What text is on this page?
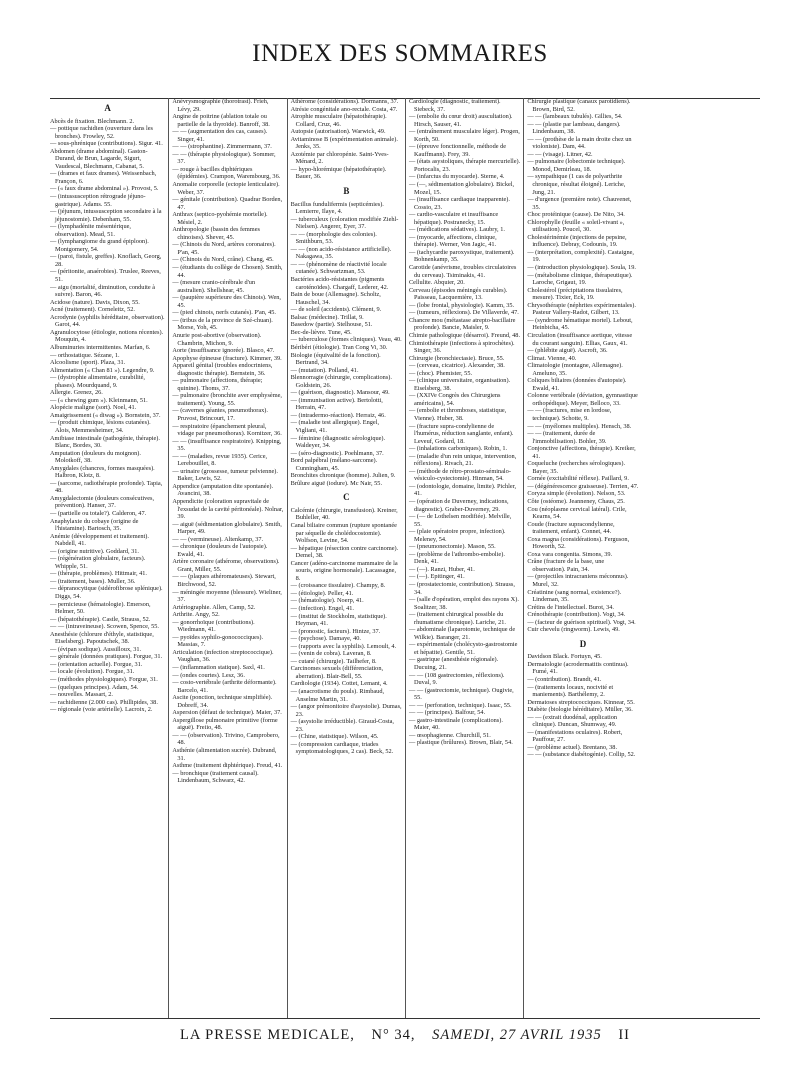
INDEX DES SOMMAIRES
A

Abcès de fixation. Blechmann. 2.

— pottique rachidien (ouverture dans les bronches). Frowley, 52.

— sous-phrénique (contributions). Sigur. 41.

Abdomen (drame abdominal). Gaston-Durand, de Brun, Lagarde, Sigurt, Vaudescal, Blechmann, Cabanat, 5.

— (drames et faux drames). Weissenbach, Françon, 6.

— (« faux drame abdominal »). Provost, 5.

— (intussusception rétrograde jéjuno-gastrique). Adams. 55.

— (jéjunum, intussusception secondaire à la jéjunostomie). Debenham, 55.

— (lymphadénite mésentérique, observation). Mead, 51.

— (lymphangiome du grand épiploon). Montgomery, 54.

— (paroi, fistule, greffes). Knoflach, Georg, 28.

— (péritonite, anaérobies). Truslee, Reeves, 51.

— aigu (mortalité, diminution, conduite à suivre). Baron, 46.

Acidose (nature). Davis, Dixon, 55.

Acné (traitement). Corneleitz, 52.

Acrodynie (syphilis héréditaire, observation). Garot, 44.

Agranulocytose (étiologie, notions récentes). Mouquin, 4.

Albuminuries intermittentes. Marfan, 6.

— orthostatique. Sézane, 1.

Alcoolisme (sport). Plaza, 31.

Alimentation (« Chan 81 »). Legendre, 9.

— (dystrophie alimentaire, curabilité, phases). Mourdquand, 9.

Allergie. Grenez, 26.

— (« chewing gum »). Kleinmann, 51.

Alopécie maligne (sort). Noel, 41.

Amaigrissement (« diwag »). Bornstein, 37.

— (produit chimique, lésions cutanées). Alois, Memmesheimer, 34.

Amibiase intestinale (pathogénie, thérapie). Blanc, Bordes, 30.

Amputation (douleurs du moignon). Molotkoff, 38.

Amygdales (chancres, formes masquées). Halbron, Klotz, 8.

— (sarcome, radiothérapie profonde). Tapia, 48.

Amygdalectomie (douleurs consécutives, prévention). Hanser, 37.

— (partielle ou totale?). Calderon, 47.

Anaphylaxie du cobaye (origine de l'histamine). Bartosch, 35.

Anémie (développement et traitement). Nabdell, 41.

— (origine nutritive). Goddard, 31.

— (régénération globulaire, facteurs). Whipple, 51.

— (thérapie, problèmes). Hittmair, 41.

— (traitement, bases). Muller, 36.

— dépranocytique (sidérofibrose splénique). Diggs, 54.

— pernicieuse (hématologie). Emerson, Helmer, 50.

— (hépatothérapie). Castle, Strauss, 52.

— — (intraveineuse). Scowen, Spence, 55.

Anesthésie (chlorure d'éthyle, statistique, Eiselsberg). Papoutschek, 38.

— (évipan sodique). Aussilloux, 31.

— générale (données pratiques). Forgue, 31.

— (orientation actuelle). Forgue, 31.

— locale (évolution). Forgue, 31.

— (méthodes physiologiques). Forgue, 31.

— (quelques principes). Adam, 54.

— nouvelles. Massart, 2.

— rachidienne (2.000 cas). Phillipides, 38.

— régionale (voie artérielle). Lacroix, 2.

Anévrysmographie (thorotrast). Frieh, Lévy, 29.

Angine de poitrine (ablation totale ou partielle de la thyroïde). Banroff, 38.

— — (augmentation des cas, causes). Singer, 41.

— — (strophantine). Zimmermann, 37.

— — (thérapie physiologique). Sommer, 37.

— rouge à bacilles diphtériques (épidémies). Crampon, Warembourg, 36.

Anomalie corporelle (ectopie lenticulaire). Weber, 37.

— génitale (contribution). Quadrar Borden, 47.

Anthrax (septico-pyohémie mortelle). Mésiel, 2.

Anthropologie (bassin des femmes chinoises). Shever, 45.

— (Chinois du Nord, artères coronaires). P'an, 45.

— (Chinois du Nord, crâne). Chang, 45.

— (étudiants du collège de Chosen). Smith, 44.

— (mesure cranio-cérébrale d'un australien). Shellshear, 45.

— (paupière supérieure des Chinois). Wen, 45.

— (pied chinois, nerfs cutanés). P'an, 45.

— (tribus de la province de Szé-chuan). Morse, Yoh, 45.

Anurie post-abortive (observation). Chambrin, Michon, 9.

Aorte (insuffisance ignorée). Blasco, 47.

Apophyse épineuse (fracture). Kimmer, 39.

Appareil génital (troubles endocriniens, diagnostic thérapie). Bernstein, 36.

— pulmonaire (affections, thérapie; quinine). Thoms, 37.

— pulmonaire (bronchite aver emphysème, traitement). Young, 55.

— (cavernes géantes, pneumothorax). Pruvost, Brincourt, 17.

— respiratoire (épanchement pleural, vidage par pneumothorax). Kornitzer, 36.

— — (insuffisance respiratoire). Knipping, 35.

— — (maladies, revue 1935). Cerice, Lerebouillet, 8.

— urinaire (grossesse, tumeur pelvienne). Baker, Lewis, 52.

Appendice (amputation dite spontanée). Avancini, 38.

Appendicite (coloration supravitale de l'exsudat de la cavité péritonéale). Nolnar, 39.

— aiguë (sédimentation globulaire). Smith, Harper, 49.

— — (vermineuse). Altenkamp, 37.

— chronique (douleurs de l'autopsie). Ewald, 41.

Artère coronaire (athérome, observations). Grant, Miller, 55.

— — (plaques athéromateuses). Stewart, Birchwood, 52.

— méningée moyenne (blessure). Wieliner, 37.

Artériographie. Allen, Camp, 52.

Arthrite. Angy, 52.

— gonorrhoïque (contributions). Wiedmann, 41.

— pyoïdes syphilo-gonococciques). Massias, 7.

Articulation (infection streptococcique). Vaughan, 36.

— (inflammation statique). Saxl, 41.

— (ondes courtes). Lesz, 36.

— costo-vertébrale (arthrite déformante). Barcelo, 41.

Ascite (ponction, technique simplifiée). Dobreff, 34.

Aspersion (défaut de technique). Maier, 37.

Aspergillose pulmonaire primitive (forme aiguë). Freiio, 48.

— — (observation). Trivino, Camprobero, 48.

Asthénie (alimentation sucrée). Dubrand, 31.

Asthme (traitement diphtérique). Freud, 41.

— bronchique (traitement causal). Lindenbaum, Schwarz, 42.

Athérome (considérations). Dormanns, 37.

Atrésie congénitale ano-rectale. Costa, 47.

Atrophie musculaire (hépatothérapie). Collard, Cruz, 46.

Autopsie (autorisation). Warwick, 49.

Avitaminose B (expérimentation animale). Jenks, 35.

Azotémie par chloropénie. Saint-Yves-Ménard, 2.

— hypo-hlorémique (hépatothérapie). Bauer, 36.

B

Bacillus fundulifermis (septicémies). Lemierre, Ilaye, 4.

— tuberculeux (coloration modifiée Ziehl-Nielsen). Angerer, Eyer, 37.

— — (morphologie des colonies). Smithburn, 53.

— — (non acido-résistance artificielle). Nakagawa, 35.

— — (phénomène de réactivité locale cutanée). Schwartzman, 53.

Bactéries acido-résistantes (pigments caroténoïdes). Chargaff, Lederer, 42.

Bain de boue (Allemagne). Scholtz, Hauschel, 34.

— de soleil (accidents). Clément, 9.

Balsac (médecine). Trillat, 9.

Basedow (partie). Stelhouse, 51.

Bec-de-lièvre. Tune, 45.

— tuberculose (formes cliniques). Veau, 40.

Béribéri (étiologie). Tran Cong Vi, 30.

Biologie (équivalité de la fonction). Bertrand, 34.

— (mutation). Polland, 41.

Blennorragie (chirurgie, complications). Goldstein, 26.

— (guérison, diagnostic). Mansour, 49.

— (immunisation active). Bertolotti, Herrain, 47.

— (intradermo-réaction). Herraiz, 46.

— (maladie test allergique). Engel, Vigliani, 41.

— féminine (diagnostic sérologique). Waldeyer, 34.

— (séro-diagnostic). Poehlmann, 37.

Bord palpébral (mélano-sarcome). Cunningham, 45.

Bronchites chronique (homme). Julien, 9.

Brûlure aiguë (iodure). Mc Nair, 55.

C

Calcémie (chirurgie, transfusion). Kreiner, Buhleller, 40.

Canal biliaire commun (rupture spontanée par séquelle de cholédocostomie). Wolfson, Levine, 54.

— hépatique (résection contre carcinome). Demel, 38.

Cancer (adéno-carcinome mammaire de la souris, origine hormonale). Lacassagne, 8.

— (croissance tissulaire). Champy, 8.

— (étiologie). Peller, 41.

— (hématologie). Noerp, 41.

— (infection). Engel, 41.

— (institut de Stockholm, statistique). Heyman, 41.

— (pronostic, facteurs). Hintze, 37.

— (psychose). Damaye, 40.

— (rapports avec la syphilis). Lemoult, 4.

— (venin de cobra). Laveran, 8.

— cutané (chirurgie). Tailhefer, 8.

Carcinomes sexuels (différenciation, aberration). Blair-Bell, 55.

Cardiologie (1934). Cottet, Lemant, 4.

— (anacrotisme du pouls). Rimbaud, Anselme Martin, 31.

— (angor prémonitoire d'asystolie). Dumas, 23.

— (asystolie irréductible). Giraud-Costa, 23.

— (Chine, statistique). Wilson, 45.

— (compression cardiaque, triades symptomatologiques, 2 cas). Beck, 52.

Cardiologie (diagnostic, traitement). Siebeck, 37.

— (embolie du cœur droit) auscultation). Hirsch, Sauser, 41.

— (entraînement musculaire léger). Progen, Korth, 50.

— (épreuve fonctionnelle, méthode de Kauffmann). Frey, 39.

— (états asystoliques, thérapie mercurielle). Portocalis, 23.

— (infarctus du myocarde). Sterne, 4.

— (—, sédimentation globulaire). Bickel, Mozel, 15.

— (insuffisance cardiaque inapparente). Cossio, 23.

— cardio-vasculaire et insuffisance hépatique). Postranecky, 15.

— (médications sédatives). Laubry, 1.

— (myocarde, affections, clinique, thérapie). Werner, Von Jagic, 41.

— (tachycardie paroxystique, traitement). Bohnenkamp, 35.

Carotide (anévrisme, troubles circulatoires du cerveau). Tsiminakis, 41.

Cellulite. Abquier, 20.

Cerveau (épisodes méningés curables). Paisseau, Lacquemière, 13.

— (lobe frontal, physiologie). Kamm, 35.

— (tumeurs, réflexions). De Villaverde, 47.

Chancre mou (métastase atrepto-bacillaire profonde). Bancie, Maisler, 9.

Chimie pathologique (désarroi). Freund, 48.

Chimiothérapie (infections à spirochètes). Singer, 36.

Chirurgie (bronchiectasie). Bruce, 55.

— (cerveau, cicatrice). Alexander, 38.

— (choc). Phemister, 55.

— (clinique universitaire, organisation). Eiselsberg, 38.

— (XXIVe Congrès des Chirurgiens américains), 54.

— (embolie et thromboses, statistique, Vienne). Huber, 38.

— (fracture supra-condylienne de l'humérus, réduction sanglante, enfant). Leveuf, Godard, 18.

— (inhalations carboniques). Robin, 1.

— (maladie d'un rein unique, intervention, réflexions). Rivach, 21.

— (méthode de rétro-prostato-séminalo-vésiculo-cystectomie). Hinman, 54.

— (odontologie, domaine, limite). Pichler, 41.

— (opération de Duverney, indications, diagnostic). Graber-Duverney, 29.

— (— de Lothelsen modifiée). Melville, 55.

— (plaie opératoire propre, infection). Meleney, 54.

— (pneumonectomie). Mason, 55.

— (problème de l'athrombo-embolie). Denk, 41.

— (—). Ranzi, Huber, 41.

— (—). Epitinger, 41.

— (prostatectomie, contribution). Strauss, 34.

— (salle d'opération, emploi des rayons X). Soalitzer, 38.

— (traitement chirurgical possible du rhumatisme chronique). Lariche, 21.

— abdominale (laparotomie, technique de Wilkie). Baranger, 21.

— expérimentale (cholécysto-gastrostomie et hépatite). Gentile, 51.

— gastrique (anesthésie régionale). Ducuing, 21.

— — (108 gastrectomies, réflexions). Duval, 9.

— — (gastrectomie, technique). Ougivie, 55.

— — (perforation, technique). Isaac, 55.

— — (principes). Balfour, 54.

— gastro-intestinale (complications). Maier, 40.

— œsophagienne. Churchill, 51.

— plastique (brûlures). Brown, Blair, 54.

Chirurgie plastique (canaux parotidiens). Brown, Bird, 52.

— — (lambeaux tubulés). Gillies, 54.

— — (plastie par lambeau, dangers). Lindenbaum, 38.

— — (prothèse de la main droite chez un violoniste). Dam, 44.

— — (visage). Litner, 42.

— pulmonaire (lobectomie technique). Monod, Demirleau, 18.

— sympathique (1 cas de polyarthrite chronique, résultat éloigné). Leriche, Jung, 21.

— d'urgence (première note). Chauvenet, 35.

Choc protéinique (cause). De Nito, 34.

Chlorophylle (feuille « soleil-vivant », utilisation). Poucel, 30.

Cholestérinémie (injections de pepsine, influence). Debray, Codounis, 19.

— (interprétation, complexité). Castaigne, 19.

— (introduction physiologique). Soula, 19.

— (métabolisme clinique, thérapeutique). Laroche, Grigaut, 19.

Cholestérol (précipitations tissulaires, mesure). Tixier, Eck, 19.

Chrysothérapie (néphrites expérimentales). Pasteur Vallery-Radot, Gilbert, 13.

— (syndrome hématique mortel). Lebout, Heinbicha, 45.

Circulation (insuffisance aortique, vitesse du courant sanguin). Ellias, Gaux, 41.

— (phlébite aiguë). Ascroft, 36.

Climat. Vienne, 40.

Climatologie (montagne, Allemagne). Ameluno, 35.

Coliques biliaires (données d'autopsie). Ewald, 41.

Colonne vertébrale (déviation, gymnastique orthopédique). Meyer, Belloco, 33.

— — (fractures, mise en lordose, technique). Schotte, 9.

— — (myélomes multiples). Hensch, 38.

— — (traitement, durée de l'immobilisation). Bohler, 39.

Conjonctive (affections, thérapie). Kreiker, 41.

Coqueluche (recherches sérologiques). Bayer, 35.

Cornée (excitabilité réflexe). Paillard, 9.

— (dégénérescence graisseuse). Terrien, 47.

Coryza simple (évolution). Nelson, 53.

Côte (ostéome). Jeanneney, Chaus, 25.

Cou (néoplasme cervical latéral). Crile, Kearns, 54.

Coude (fracture supracondylienne, traitement, enfant). Connet, 44.

Coxa magna (considérations). Ferguson, Howorth, 52.

Coxa vara congenita. Simons, 39.

Crâne (fracture de la base, une observation). Pain, 34.

— (projectiles intracraniens méconnus). Murel, 32.

Créatinine (sang normal, existence?). Lindeman, 35.

Crétins de l'intellectuel. Burot, 34.

Crénothérapie (contribution). Vogt, 34.

— (facteur de guérison spirituel). Vogt, 34.

Cuir chevelu (ringworm). Lewis, 49.

D

Davidson Black. Fortuyn, 45.

Dermatologie (acrodermatitis continua). Fumé, 41.

— (contribution). Brandt, 41.

— (traitements locaux, nocivité et maniements). Barthélemy, 2.

Dermatoses streptococciques. Kinnear, 55.

Diabète (biologie héréditaire). Müller, 36.

— — (extrait duodénal, application clinique). Duncan, Shumway, 49.

— (manifestations oculaires). Robert, Pauffour, 27.

— (problème actuel). Brentano, 38.

— — (substance diabétogénie). Collip, 52.

LA PRESSE MEDICALE, N° 34, SAMEDI, 27 AVRIL 1935 II
